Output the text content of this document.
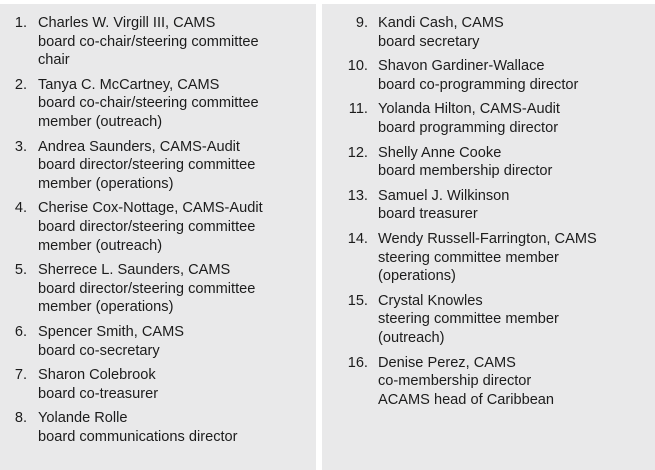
1. Charles W. Virgill III, CAMS
board co-chair/steering committee
chair
2. Tanya C. McCartney, CAMS
board co-chair/steering committee
member (outreach)
3. Andrea Saunders, CAMS-Audit
board director/steering committee
member (operations)
4. Cherise Cox-Nottage, CAMS-Audit
board director/steering committee
member (outreach)
5. Sherrece L. Saunders, CAMS
board director/steering committee
member (operations)
6. Spencer Smith, CAMS
board co-secretary
7. Sharon Colebrook
board co-treasurer
8. Yolande Rolle
board communications director
9. Kandi Cash, CAMS
board secretary
10. Shavon Gardiner-Wallace
board co-programming director
11. Yolanda Hilton, CAMS-Audit
board programming director
12. Shelly Anne Cooke
board membership director
13. Samuel J. Wilkinson
board treasurer
14. Wendy Russell-Farrington, CAMS
steering committee member
(operations)
15. Crystal Knowles
steering committee member
(outreach)
16. Denise Perez, CAMS
co-membership director
ACAMS head of Caribbean
